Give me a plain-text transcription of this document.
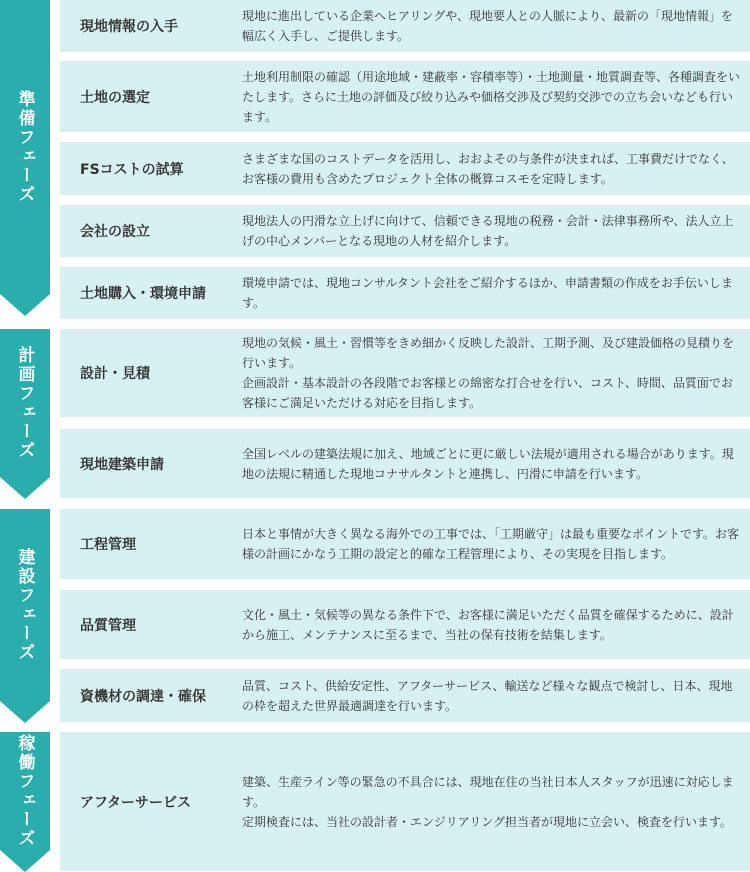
準備フェーズ
計画フェーズ
建設フェーズ
稼働フェーズ
現地情報の入手
現地に進出している企業へヒアリングや、現地要人との人脈により、最新の「現地情報」を幅広く入手し、ご提供します。
土地の選定
土地利用制限の確認（用途地域・建蔽率・容積率等）・土地測量・地質調査等、各種調査をいたします。さらに土地の評価及び絞り込みや価格交渉及び契約交渉での立ち会いなども行います。
FSコストの試算
さまざまな国のコストデータを活用し、おおよその与条件が決まれば、工事費だけでなく、お客様の費用も含めたプロジェクト全体の概算コスモを定時します。
会社の設立
現地法人の円滑な立上げに向けて、信頼できる現地の税務・会計・法律事務所や、法人立上げの中心メンバーとなる現地の人材を紹介します。
土地購入・環境申請
環境申請では、現地コンサルタント会社をご紹介するほか、申請書類の作成をお手伝いします。
設計・見積
現地の気候・風土・習慣等をきめ細かく反映した設計、工期予測、及び建設価格の見積りを行います。
企画設計・基本設計の各段階でお客様との綿密な打合せを行い、コスト、時間、品質面でお客様にご満足いただける対応を目指します。
現地建築申請
全国レベルの建築法規に加え、地域ごとに更に厳しい法規が適用される場合があります。現地の法規に精通した現地コナサルタントと連携し、円滑に申請を行います。
工程管理
日本と事情が大きく異なる海外での工事では、「工期厳守」は最も重要なポイントです。お客様の計画にかなう工期の設定と的確な工程管理により、その実現を目指します。
品質管理
文化・風土・気候等の異なる条件下で、お客様に満足いただく品質を確保するために、設計から施工、メンテナンスに至るまで、当社の保有技術を結集します。
資機材の調達・確保
品質、コスト、供給安定性、アフターサービス、輸送など様々な観点で検討し、日本、現地の枠を超えた世界最適調達を行います。
アフターサービス
建築、生産ライン等の緊急の不具合には、現地在住の当社日本人スタッフが迅速に対応します。
定期検査には、当社の設計者・エンジリアリング担当者が現地に立会い、検査を行います。
